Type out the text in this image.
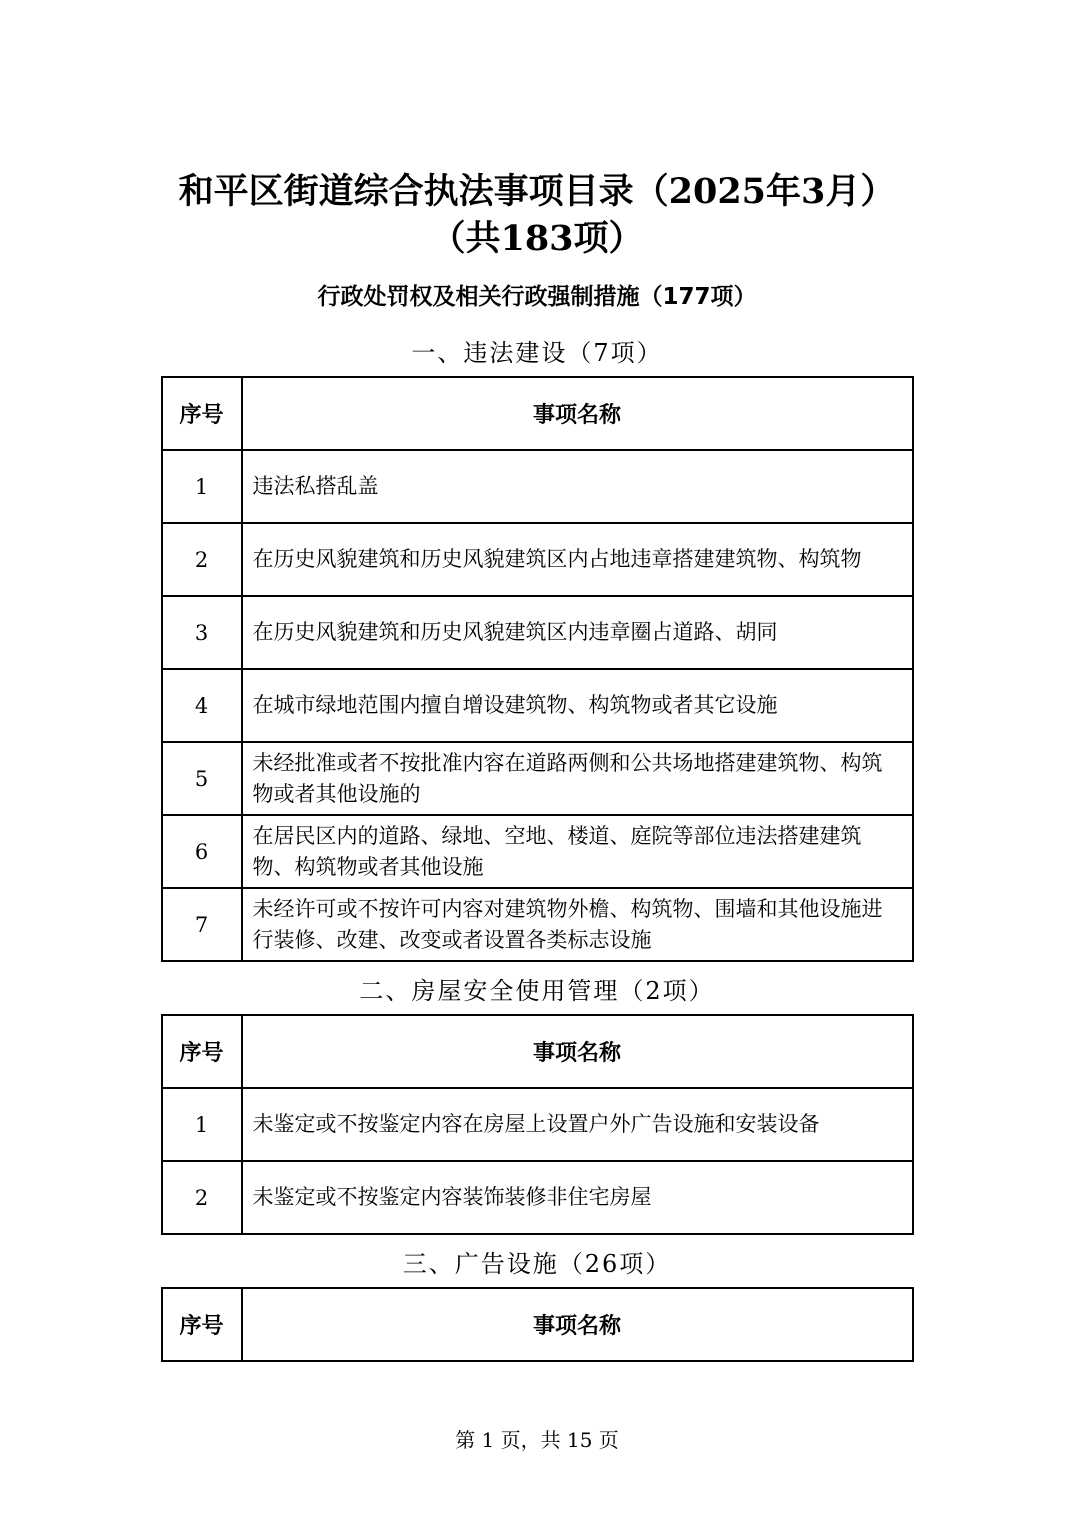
和平区街道综合执法事项目录（2025年3月）
（共183项）
行政处罚权及相关行政强制措施（177项）
一、违法建设（7项）
序号	事项名称
1	违法私搭乱盖
2	在历史风貌建筑和历史风貌建筑区内占地违章搭建建筑物、构筑物
3	在历史风貌建筑和历史风貌建筑区内违章圈占道路、胡同
4	在城市绿地范围内擅自增设建筑物、构筑物或者其它设施
5	未经批准或者不按批准内容在道路两侧和公共场地搭建建筑物、构筑物或者其他设施的
6	在居民区内的道路、绿地、空地、楼道、庭院等部位违法搭建建筑物、构筑物或者其他设施
7	未经许可或不按许可内容对建筑物外檐、构筑物、围墙和其他设施进行装修、改建、改变或者设置各类标志设施
二、房屋安全使用管理（2项）
序号	事项名称
1	未鉴定或不按鉴定内容在房屋上设置户外广告设施和安装设备
2	未鉴定或不按鉴定内容装饰装修非住宅房屋
三、广告设施（26项）
序号	事项名称
第 1 页，共 15 页
